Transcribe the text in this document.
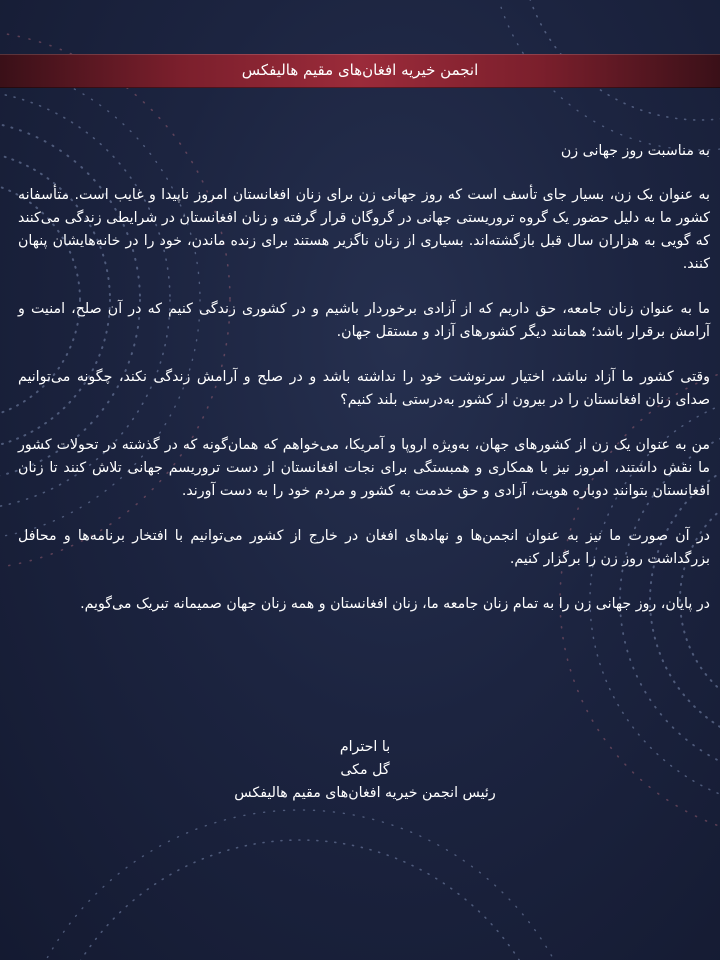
انجمن خیریه افغان‌های مقیم هالیفکس

به مناسبت روز جهانی زن

به عنوان یک زن، بسیار جای تأسف است که روز جهانی زن برای زنان افغانستان امروز ناپیدا و غایب است. متأسفانه کشور ما به دلیل حضور یک گروه تروریستی جهانی در گروگان قرار گرفته و زنان افغانستان در شرایطی زندگی می‌کنند که گویی به هزاران سال قبل بازگشته‌اند. بسیاری از زنان ناگزیر هستند برای زنده ماندن، خود را در خانه‌هایشان پنهان کنند.

ما به عنوان زنان جامعه، حق داریم که از آزادی برخوردار باشیم و در کشوری زندگی کنیم که در آن صلح، امنیت و آرامش برقرار باشد؛ همانند دیگر کشورهای آزاد و مستقل جهان.

وقتی کشور ما آزاد نباشد، اختیار سرنوشت خود را نداشته باشد و در صلح و آرامش زندگی نکند، چگونه می‌توانیم صدای زنان افغانستان را در بیرون از کشور به‌درستی بلند کنیم؟

من به عنوان یک زن از کشورهای جهان، به‌ویژه اروپا و آمریکا، می‌خواهم که همان‌گونه که در گذشته در تحولات کشور ما نقش داشتند، امروز نیز با همکاری و همبستگی برای نجات افغانستان از دست تروریسم جهانی تلاش کنند تا زنان افغانستان بتوانند دوباره هویت، آزادی و حق خدمت به کشور و مردم خود را به دست آورند.

در آن صورت ما نیز به عنوان انجمن‌ها و نهادهای افغان در خارج از کشور می‌توانیم با افتخار برنامه‌ها و محافل بزرگداشت روز زن را برگزار کنیم.

در پایان، روز جهانی زن را به تمام زنان جامعه ما، زنان افغانستان و همه زنان جهان صمیمانه تبریک می‌گویم.

با احترام
گل مکی
رئیس انجمن خیریه افغان‌های مقیم هالیفکس
